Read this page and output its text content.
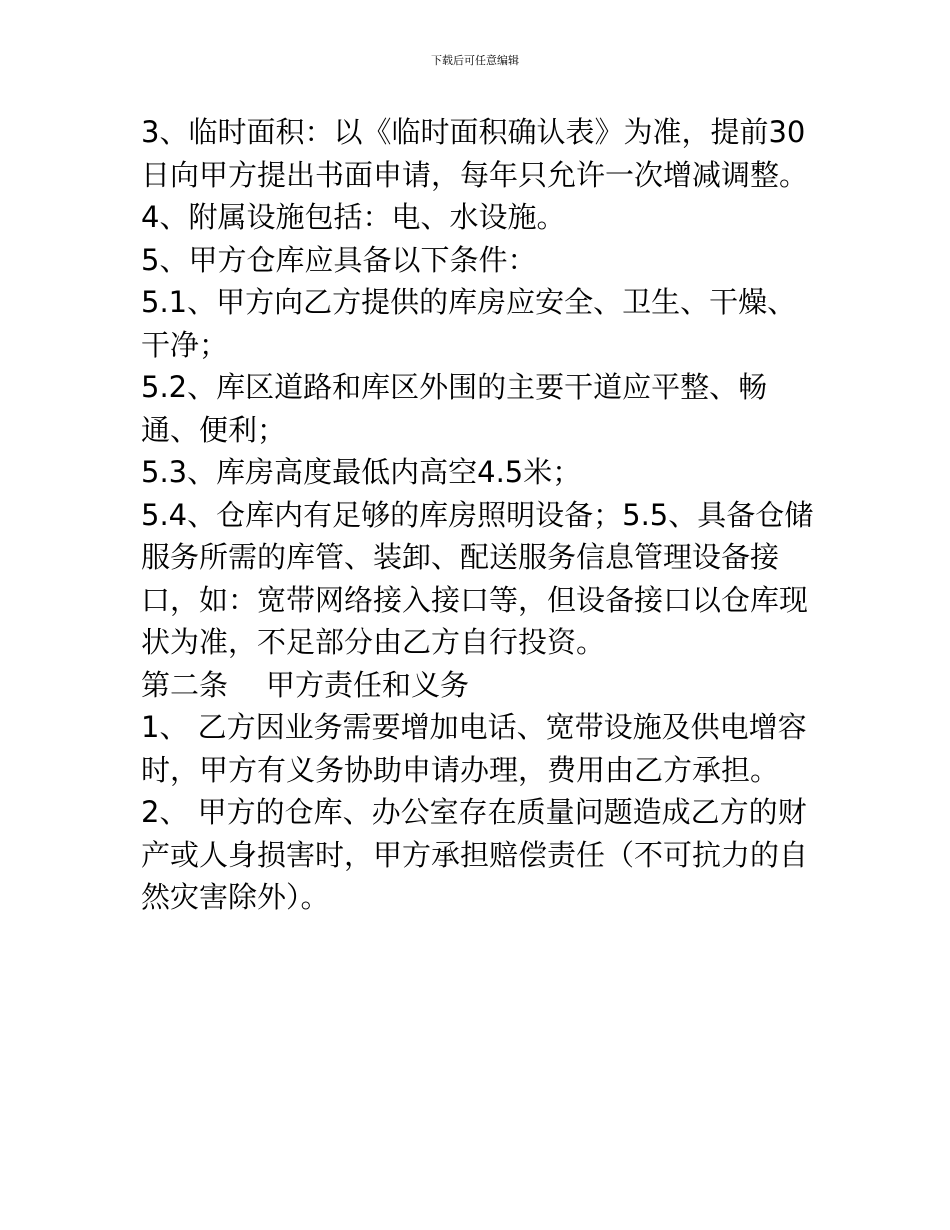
下载后可任意编辑

3、临时面积：以《临时面积确认表》为准，提前30日向甲方提出书面申请，每年只允许一次增减调整。

4、附属设施包括：电、水设施。

5、甲方仓库应具备以下条件：

5.1、甲方向乙方提供的库房应安全、卫生、干燥、干净；

5.2、库区道路和库区外围的主要干道应平整、畅通、便利；

5.3、库房高度最低内高空4.5米；

5.4、仓库内有足够的库房照明设备；5.5、具备仓储服务所需的库管、装卸、配送服务信息管理设备接口，如：宽带网络接入接口等，但设备接口以仓库现状为准，不足部分由乙方自行投资。

第二条 甲方责任和义务

1、 乙方因业务需要增加电话、宽带设施及供电增容时，甲方有义务协助申请办理，费用由乙方承担。

2、 甲方的仓库、办公室存在质量问题造成乙方的财产或人身损害时，甲方承担赔偿责任（不可抗力的自然灾害除外）。
